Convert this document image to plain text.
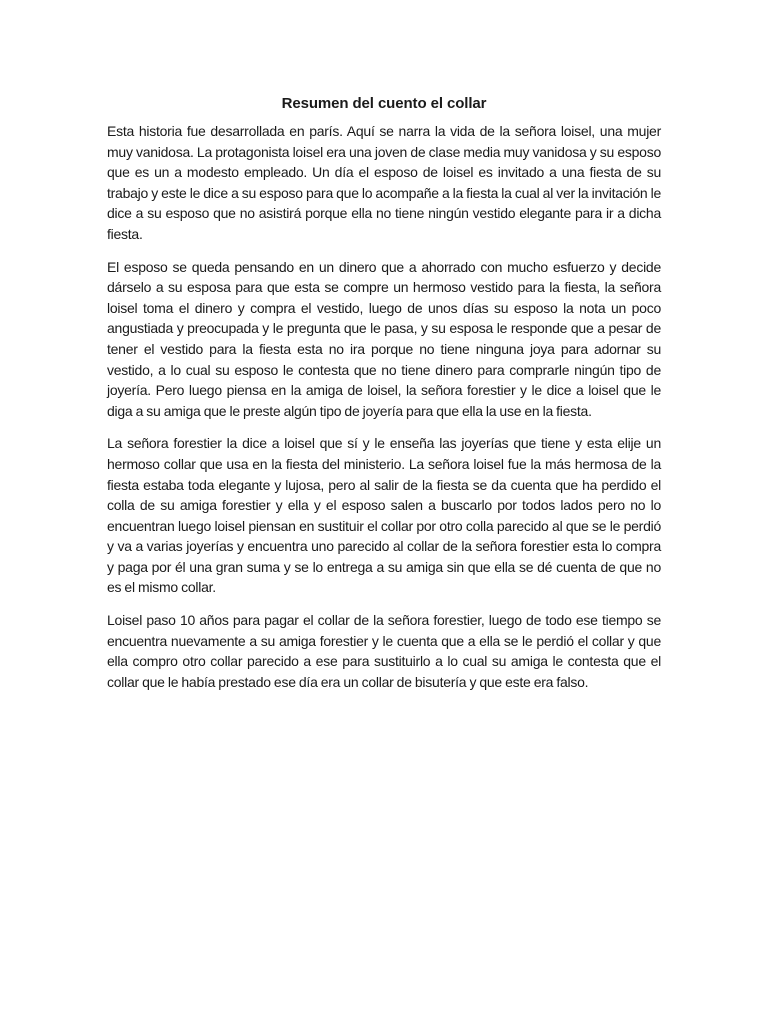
Resumen del cuento el collar

Esta historia fue desarrollada en parís. Aquí se narra la vida de la señora loisel, una mujer muy vanidosa. La protagonista loisel era una joven de clase media muy vanidosa y su esposo que es un a modesto empleado. Un día el esposo de loisel es invitado a una fiesta de su trabajo y este le dice a su esposo para que lo acompañe a la fiesta la cual al ver la invitación le dice a su esposo que no asistirá porque ella no tiene ningún vestido elegante para ir a dicha fiesta.

El esposo se queda pensando en un dinero que a ahorrado con mucho esfuerzo y decide dárselo a su esposa para que esta se compre un hermoso vestido para la fiesta, la señora loisel toma el dinero y compra el vestido, luego de unos días su esposo la nota un poco angustiada y preocupada y le pregunta que le pasa, y su esposa le responde que a pesar de tener el vestido para la fiesta esta no ira porque no tiene ninguna joya para adornar su vestido, a lo cual su esposo le contesta que no tiene dinero para comprarle ningún tipo de joyería. Pero luego piensa en la amiga de loisel, la señora forestier y le dice a loisel que le diga a su amiga que le preste algún tipo de joyería para que ella la use en la fiesta.

La señora forestier la dice a loisel que sí y le enseña las joyerías que tiene y esta elije un hermoso collar que usa en la fiesta del ministerio. La señora loisel fue la más hermosa de la fiesta estaba toda elegante y lujosa, pero al salir de la fiesta se da cuenta que ha perdido el colla de su amiga forestier y ella y el esposo salen a buscarlo por todos lados pero no lo encuentran luego loisel piensan en sustituir el collar por otro colla parecido al que se le perdió y va a varias joyerías y encuentra uno parecido al collar de la señora forestier esta lo compra y paga por él una gran suma y se lo entrega a su amiga sin que ella se dé cuenta de que no es el mismo collar.

Loisel paso 10 años para pagar el collar de la señora forestier, luego de todo ese tiempo se encuentra nuevamente a su amiga forestier y le cuenta que a ella se le perdió el collar y que ella compro otro collar parecido a ese para sustituirlo a lo cual su amiga le contesta que el collar que le había prestado ese día era un collar de bisutería y que este era falso.
